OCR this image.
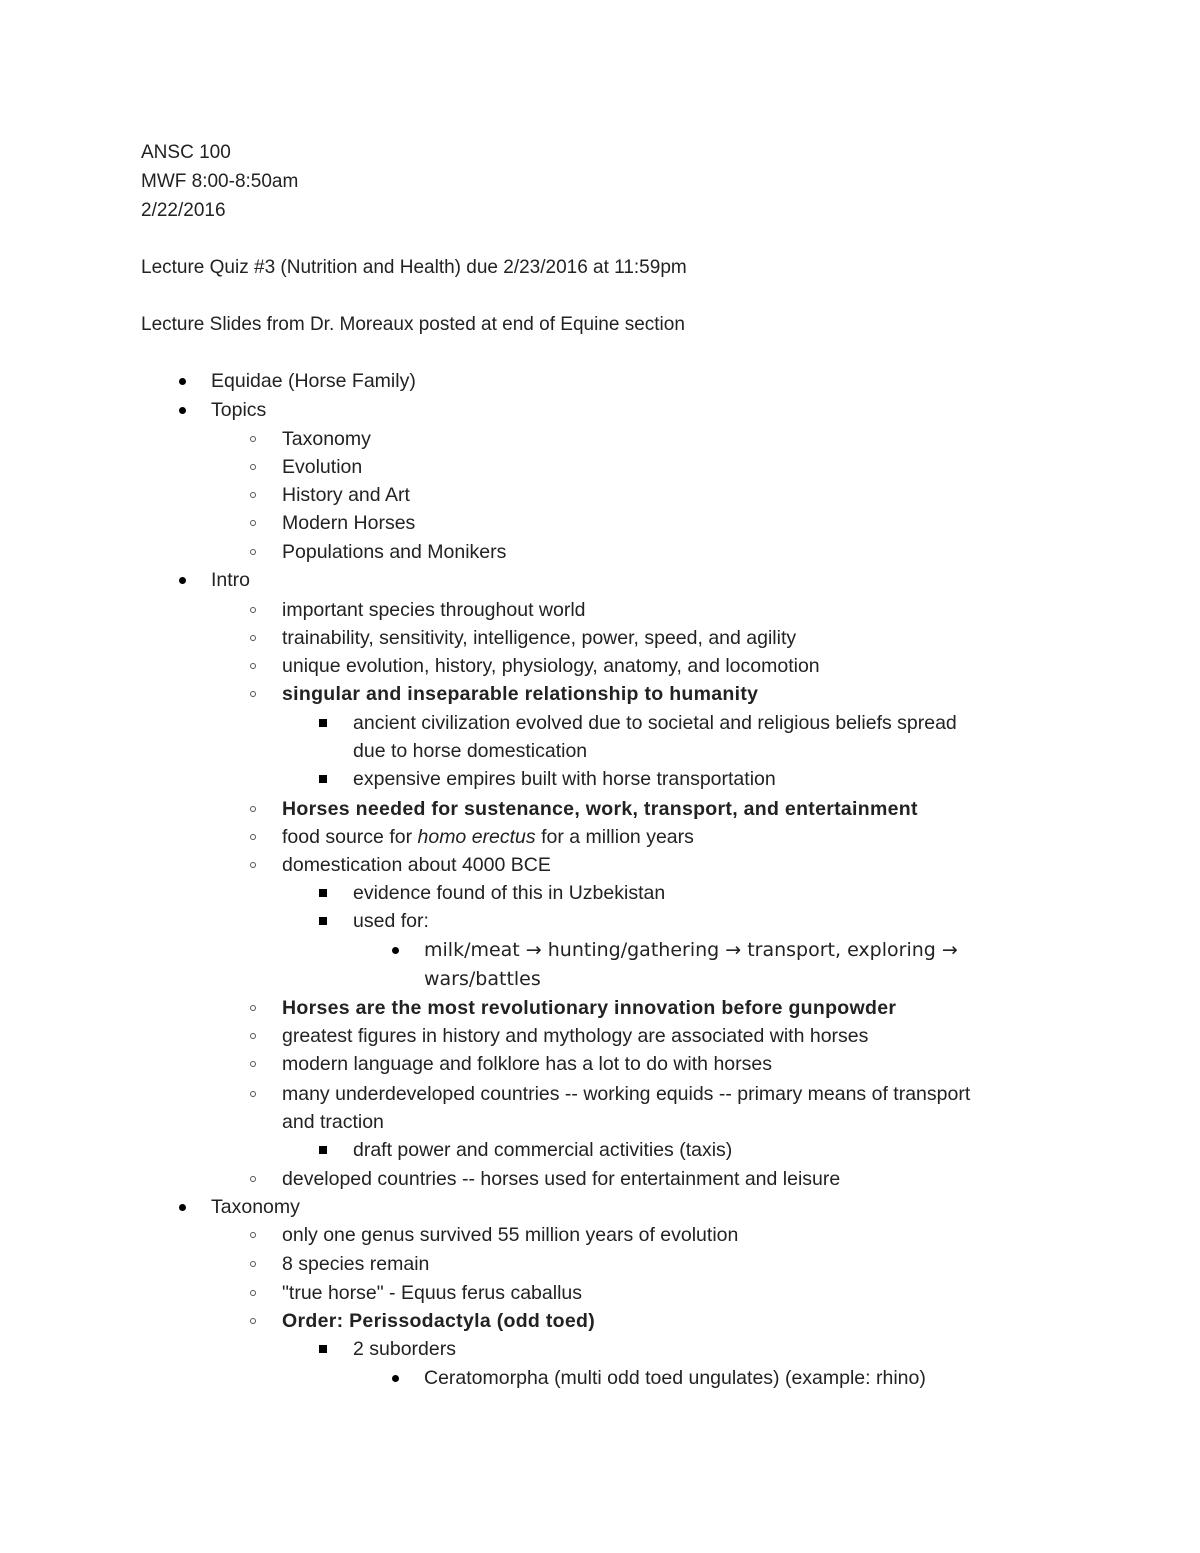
ANSC 100
MWF 8:00-8:50am
2/22/2016
Lecture Quiz #3 (Nutrition and Health) due 2/23/2016 at 11:59pm
Lecture Slides from Dr. Moreaux posted at end of Equine section
Equidae (Horse Family)
Topics
Taxonomy
Evolution
History and Art
Modern Horses
Populations and Monikers
Intro
important species throughout world
trainability, sensitivity, intelligence, power, speed, and agility
unique evolution, history, physiology, anatomy, and locomotion
singular and inseparable relationship to humanity
ancient civilization evolved due to societal and religious beliefs spread
due to horse domestication
expensive empires built with horse transportation
Horses needed for sustenance, work, transport, and entertainment
food source for homo erectus for a million years
domestication about 4000 BCE
evidence found of this in Uzbekistan
used for:
milk/meat → hunting/gathering → transport, exploring →
wars/battles
Horses are the most revolutionary innovation before gunpowder
greatest figures in history and mythology are associated with horses
modern language and folklore has a lot to do with horses
many underdeveloped countries -- working equids -- primary means of transport
and traction
draft power and commercial activities (taxis)
developed countries -- horses used for entertainment and leisure
Taxonomy
only one genus survived 55 million years of evolution
8 species remain
"true horse" - Equus ferus caballus
Order: Perissodactyla (odd toed)
2 suborders
Ceratomorpha (multi odd toed ungulates) (example: rhino)
